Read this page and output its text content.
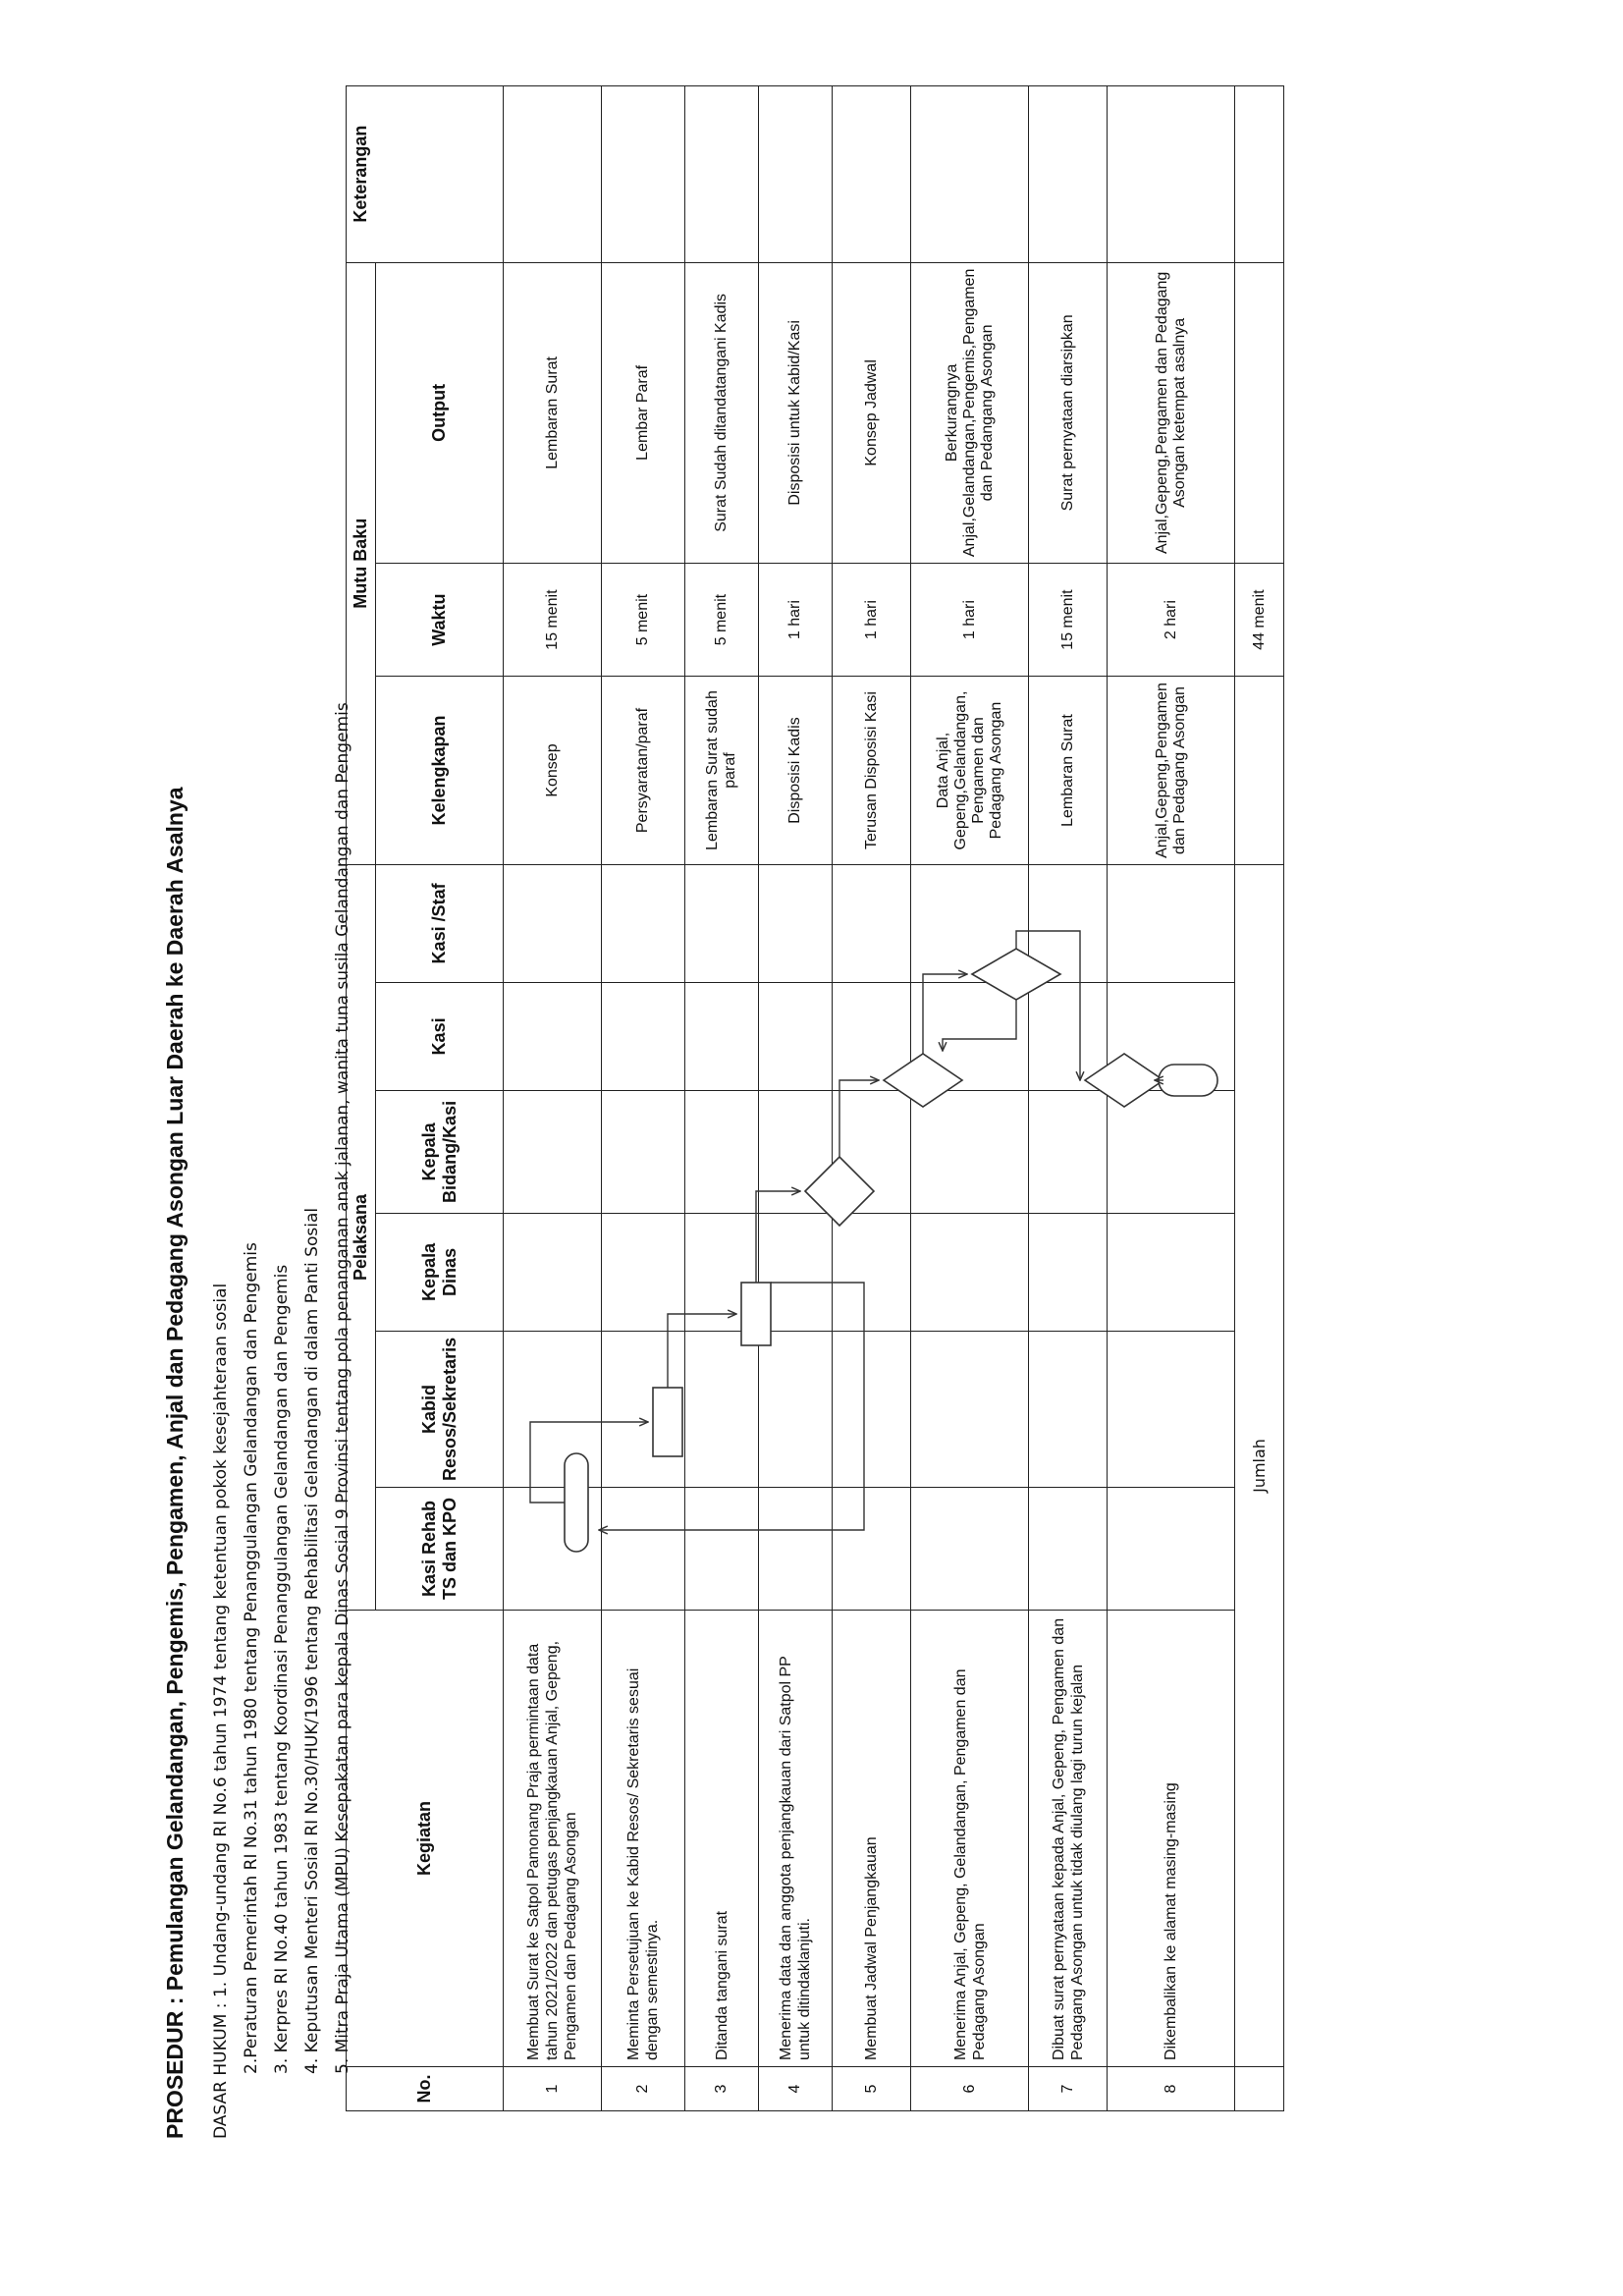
PROSEDUR : Pemulangan Gelandangan, Pengemis, Pengamen, Anjal dan Pedagang Asongan Luar Daerah ke Daerah Asalnya DASAR HUKUM : 1. Undang-undang RI No.6 tahun 1974 tentang ketentuan pokok kesejahteraan sosial 2.Peraturan Pemerintah RI No.31 tahun 1980 tentang Penanggulangan Gelandangan dan Pengemis 3. Kerpres RI No.40 tahun 1983 tentang Koordinasi Penanggulangan Gelandangan dan Pengemis 4. Keputusan Menteri Sosial RI No.30/HUK/1996 tentang Rehabilitasi Gelandangan di dalam Panti Sosial 5. Mitra Praja Utama (MPU) Kesepakatan para kepala Dinas Sosial 9 Provinsi tentang pola penanganan anak jalanan, wanita tuna susila Gelandangan dan Pengemis
No.	Kegiatan	Pelaksana						Mutu Baku			Keterangan
		Kasi Rehab TS dan KPO	Kabid Resos/Sekretaris	Kepala Dinas	Kepala Bidang/Kasi	Kasi	Kasi /Staf	Kelengkapan	Waktu	Output	
1	Membuat Surat ke Satpol Pamonang Praja permintaan data tahun 2021/2022 dan petugas penjangkauan Anjal, Gepeng, Pengamen dan Pedagang Asongan							Konsep	15 menit	Lembaran Surat	
2	Meminta Persetujuan ke Kabid Resos/ Sekretaris sesuai dengan semestinya.							Persyaratan/paraf	5 menit	Lembar Paraf	
3	Ditanda tangani surat							Lembaran Surat sudah paraf	5 menit	Surat Sudah ditandatangani Kadis	
4	Menerima data dan anggota penjangkauan dari Satpol PP untuk ditindaklanjuti.							Disposisi Kadis	1 hari	Disposisi untuk Kabid/Kasi	
5	Membuat Jadwal Penjangkauan							Terusan Disposisi Kasi	1 hari	Konsep Jadwal	
6	Menerima Anjal, Gepeng, Gelandangan, Pengamen dan Pedagang Asongan							Data Anjal, Gepeng,Gelandangan, Pengamen dan Pedagang Asongan	1 hari	Berkurangnya Anjal,Gelandangan,Pengemis,Pengamen dan Pedangang Asongan	
7	Dibuat surat pernyataan kepada Anjal, Gepeng, Pengamen dan Pedagang Asongan untuk tidak diulang lagi turun kejalan							Lembaran Surat	15 menit	Surat pernyataan diarsipkan	
8	Dikembalikan ke alamat masing-masing							Anjal,Gepeng,Pengamen dan Pedagang Asongan	2 hari	Anjal,Gepeng,Pengamen dan Pedagang Asongan ketempat asalnya	
	Jumlah								44 menit		
